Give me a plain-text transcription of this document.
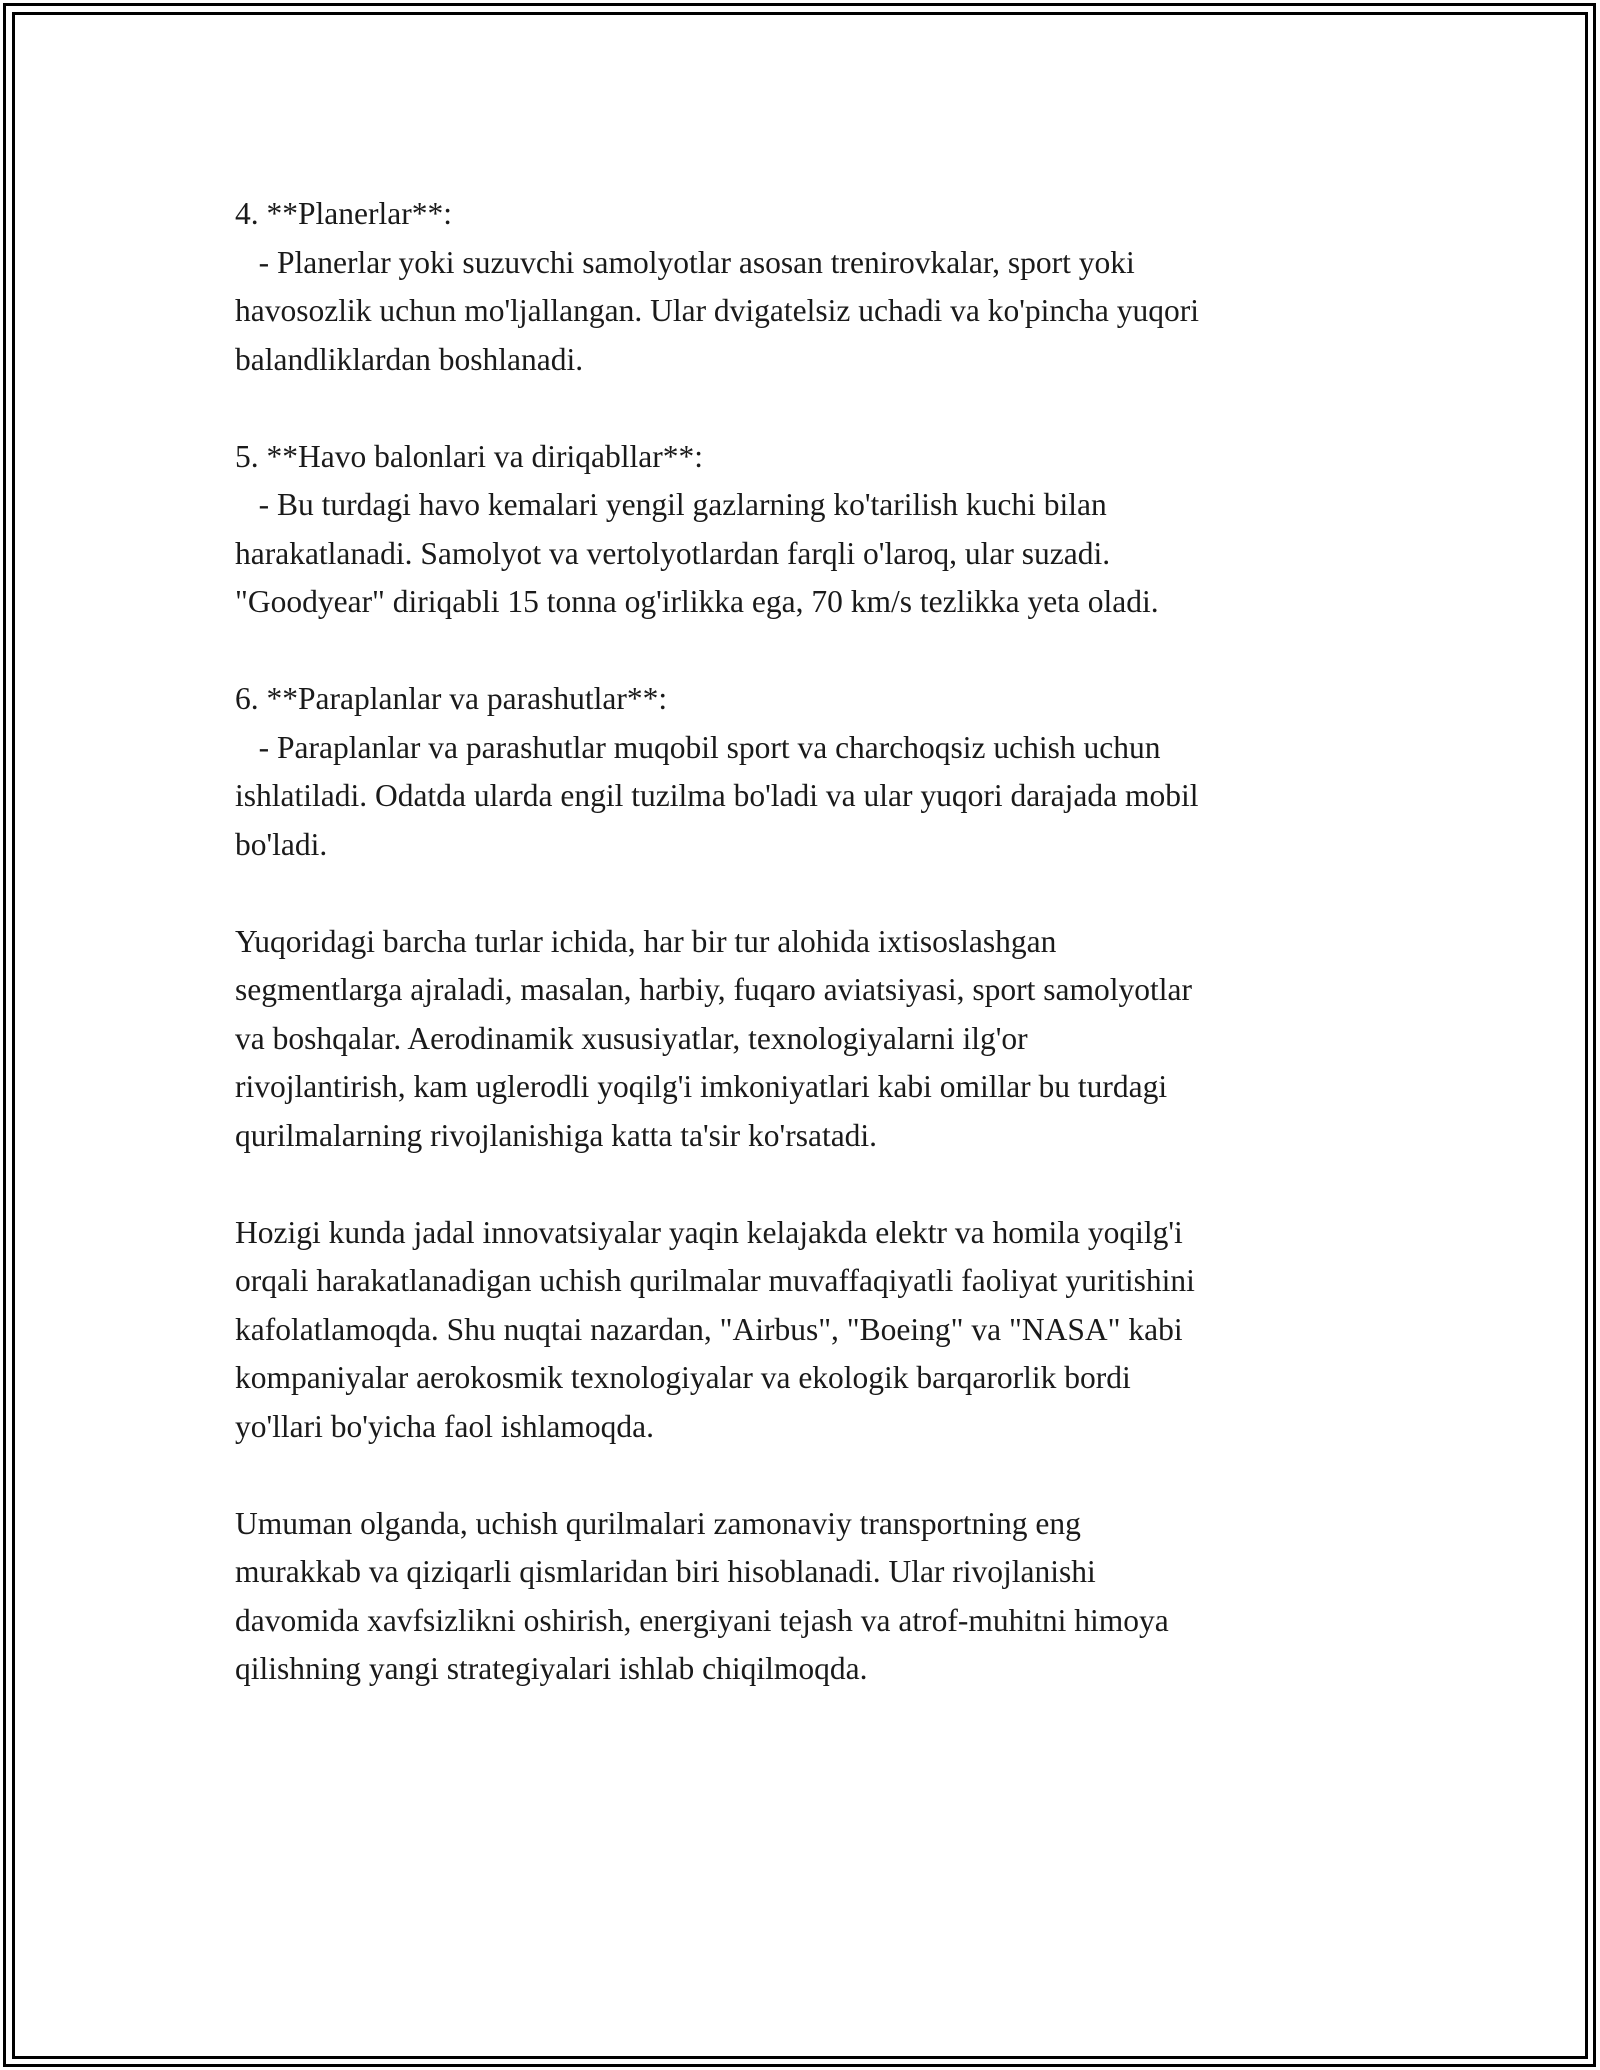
4. **Planerlar**:
- Planerlar yoki suzuvchi samolyotlar asosan trenirovkalar, sport yoki
havosozlik uchun mo'ljallangan. Ular dvigatelsiz uchadi va ko'pincha yuqori
balandliklardan boshlanadi.

5. **Havo balonlari va diriqabllar**:
- Bu turdagi havo kemalari yengil gazlarning ko'tarilish kuchi bilan
harakatlanadi. Samolyot va vertolyotlardan farqli o'laroq, ular suzadi.
"Goodyear" diriqabli 15 tonna og'irlikka ega, 70 km/s tezlikka yeta oladi.

6. **Paraplanlar va parashutlar**:
- Paraplanlar va parashutlar muqobil sport va charchoqsiz uchish uchun
ishlatiladi. Odatda ularda engil tuzilma bo'ladi va ular yuqori darajada mobil
bo'ladi.

Yuqoridagi barcha turlar ichida, har bir tur alohida ixtisoslashgan
segmentlarga ajraladi, masalan, harbiy, fuqaro aviatsiyasi, sport samolyotlar
va boshqalar. Aerodinamik xususiyatlar, texnologiyalarni ilg'or
rivojlantirish, kam uglerodli yoqilg'i imkoniyatlari kabi omillar bu turdagi
qurilmalarning rivojlanishiga katta ta'sir ko'rsatadi.

Hozigi kunda jadal innovatsiyalar yaqin kelajakda elektr va homila yoqilg'i
orqali harakatlanadigan uchish qurilmalar muvaffaqiyatli faoliyat yuritishini
kafolatlamoqda. Shu nuqtai nazardan, "Airbus", "Boeing" va "NASA" kabi
kompaniyalar aerokosmik texnologiyalar va ekologik barqarorlik bordi
yo'llari bo'yicha faol ishlamoqda.

Umuman olganda, uchish qurilmalari zamonaviy transportning eng
murakkab va qiziqarli qismlaridan biri hisoblanadi. Ular rivojlanishi
davomida xavfsizlikni oshirish, energiyani tejash va atrof-muhitni himoya
qilishning yangi strategiyalari ishlab chiqilmoqda.
